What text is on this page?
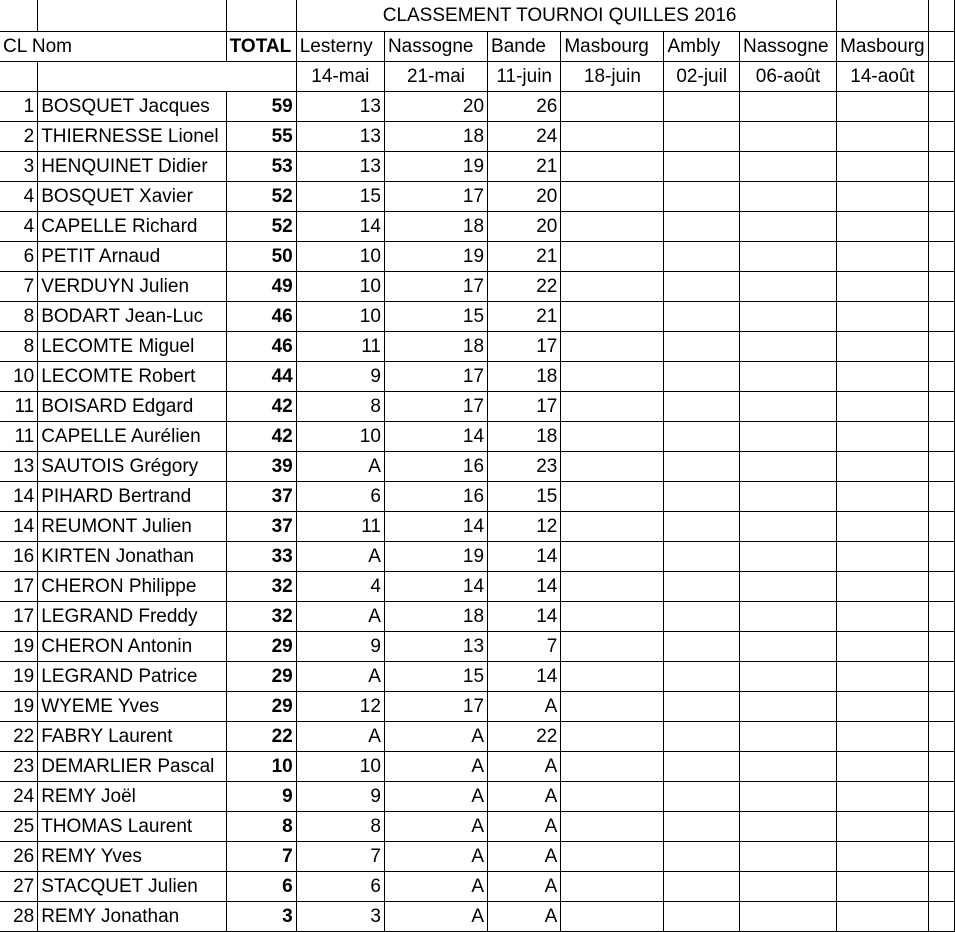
			CLASSEMENT TOURNOI QUILLES 2016							
CL Nom		TOTAL	Lesterny	Nassogne	Bande	Masbourg	Ambly	Nassogne	Masbourg	
			14-mai	21-mai	11-juin	18-juin	02-juil	06-août	14-août	
1	BOSQUET Jacques	59	13	20	26					
2	THIERNESSE Lionel	55	13	18	24					
3	HENQUINET Didier	53	13	19	21					
4	BOSQUET Xavier	52	15	17	20					
4	CAPELLE Richard	52	14	18	20					
6	PETIT Arnaud	50	10	19	21					
7	VERDUYN Julien	49	10	17	22					
8	BODART Jean-Luc	46	10	15	21					
8	LECOMTE Miguel	46	11	18	17					
10	LECOMTE Robert	44	9	17	18					
11	BOISARD Edgard	42	8	17	17					
11	CAPELLE Aurélien	42	10	14	18					
13	SAUTOIS Grégory	39	A	16	23					
14	PIHARD Bertrand	37	6	16	15					
14	REUMONT Julien	37	11	14	12					
16	KIRTEN Jonathan	33	A	19	14					
17	CHERON Philippe	32	4	14	14					
17	LEGRAND Freddy	32	A	18	14					
19	CHERON Antonin	29	9	13	7					
19	LEGRAND Patrice	29	A	15	14					
19	WYEME Yves	29	12	17	A					
22	FABRY Laurent	22	A	A	22					
23	DEMARLIER Pascal	10	10	A	A					
24	REMY Joël	9	9	A	A					
25	THOMAS Laurent	8	8	A	A					
26	REMY Yves	7	7	A	A					
27	STACQUET Julien	6	6	A	A					
28	REMY Jonathan	3	3	A	A					
